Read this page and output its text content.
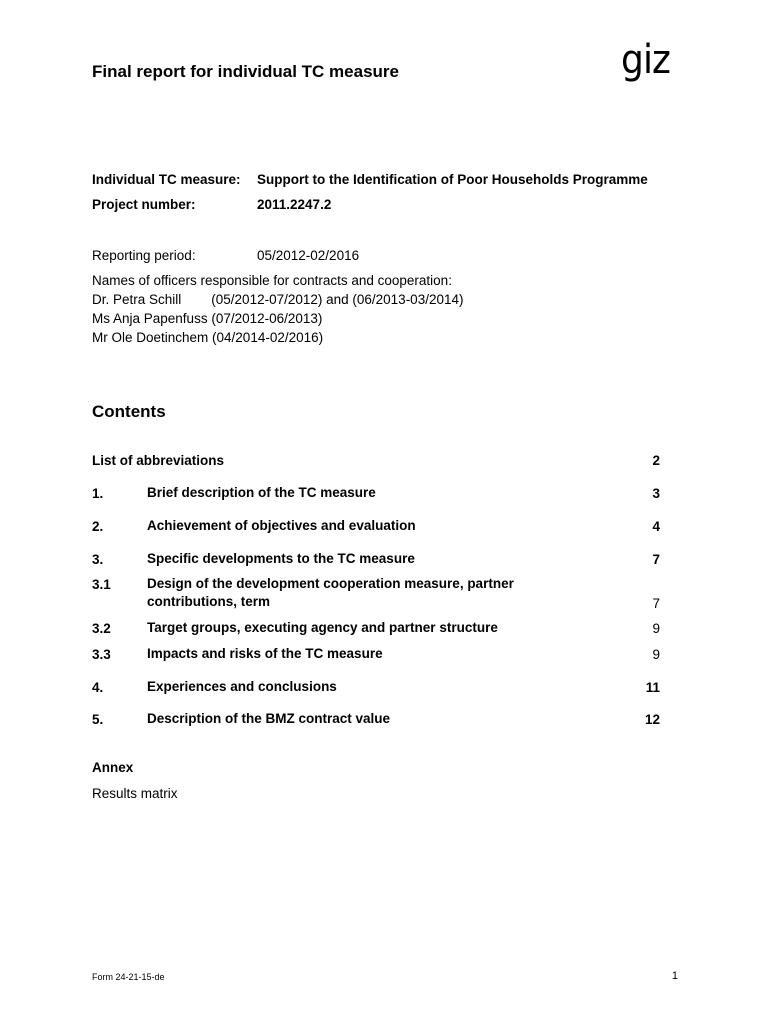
Final report for individual TC measure	giz
Individual TC measure: Support to the Identification of Poor Households Programme
Project number:	2011.2247.2
Reporting period:	05/2012-02/2016
Names of officers responsible for contracts and cooperation:
Dr. Petra Schill        (05/2012-07/2012) and (06/2013-03/2014)
Ms Anja Papenfuss (07/2012-06/2013)
Mr Ole Doetinchem (04/2014-02/2016)
Contents
List of abbreviations	2
1.	Brief description of the TC measure	3
2.	Achievement of objectives and evaluation	4
3.	Specific developments to the TC measure	7
3.1	Design of the development cooperation measure, partner contributions, term	7
3.2	Target groups, executing agency and partner structure	9
3.3	Impacts and risks of the TC measure	9
4.	Experiences and conclusions	11
5.	Description of the BMZ contract value	12
Annex
Results matrix
Form 24-21-15-de	1
